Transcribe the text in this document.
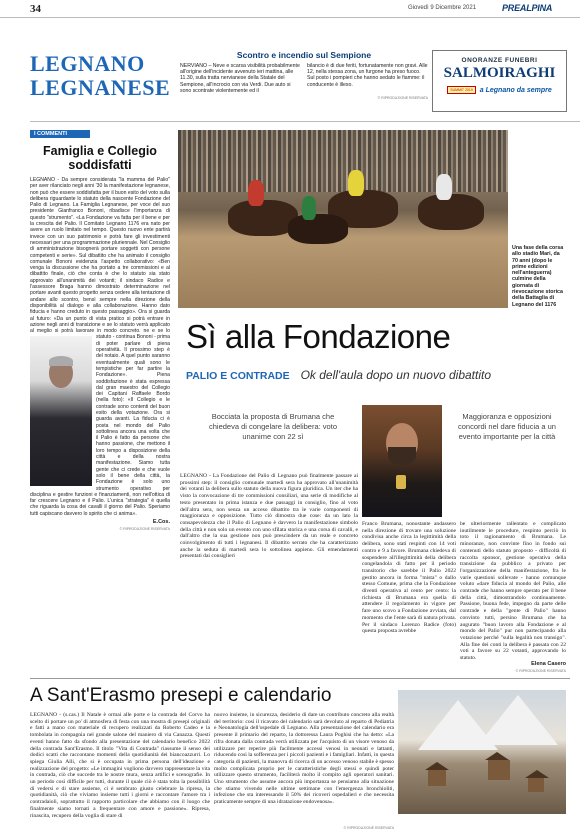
34	Giovedì 9 Dicembre 2021	PREALPINA
LEGNANO
LEGNANESE
Scontro e incendio sul Sempione
NERVIANO – Neve e scarsa visibilità probabilmente all'origine dell'incidente avvenuto ieri mattina, alle 11.30, sulla tratta nervianese della Statale del Sempione, all'incrocio con via Verdi. Due auto si sono scontrate violentemente ed il
bilancio è di due feriti, fortunatamente non gravi. Alle 12, nella stessa zona, un furgone ha preso fuoco. Sul posto i pompieri che hanno sedato le fiamme: il conducente è illeso.
© RIPRODUZIONE RISERVATA
ONORANZE FUNEBRI
SALMOIRAGHI
SUMMIT 2019	a Legnano da sempre
I COMMENTI
Famiglia e Collegio soddisfatti
LEGNANO - Da sempre considerata "la mamma del Palio" per aver rilanciato negli anni '30 la manifestazione legnanese, non può che essere soddisfatta per il buon esito del voto sulla delibera riguardante lo statuto della nascente Fondazione del Palio di Legnano. La Famiglia Legnanese, per voce del suo presidente Gianfranco Bononi, ribadisce l'importanza di questo "strumento". «La Fondazione va fatta per il bene e per la crescita del Palio. Il Comitato Legnano 1176 era nato per avere un ruolo limitato nel tempo. Questo nuovo ente partirà invece con un suo patrimonio e potrà fare gli investimenti necessari per una programmazione pluriennale. Nel Consiglio di amministrazione bisognerà portare soggetti con persone competenti e serie». Sul dibattito che ha animato il consiglio comunale Bononi evidenzia l'aspetto collaborativo: «Ben venga la discussione che ha portato a tre commissioni e al dibattito finale, ciò che conta è che lo statuto sia stato approvato all'unanimità dei votanti; il sindaco Radice e l'assessore Braga hanno dimostrato determinazione nel portare avanti questo progetto senza cedere alla tentazione di andare allo scontro, bensì sempre nella direzione della disponibilità al dialogo e alla collaborazione. Hanno dato fiducia e hanno creduto in questo passaggio». Ora si guarda al futuro: «Da un punto di vista pratico si potrà entrare in azione negli anni di transizione e se lo statuto verrà applicato al meglio si potrà lavorare in modo concreto. ne e se lo statuto - continua Bononi - prima di poter parlare di piena operatività. Il prossimo step è del notaio. A quel punto saranno eventualmente quali sono le tempistiche per far partire la Fondazione». Piena soddisfazione è stata espressa dal gran maestro del Collegio dei Capitani Raffaele Bordo (nella foto): «Il Collegio e le contrade sono contenti del buon esito della votazione. Ora si guarda avanti. La fiducia ci è posta nel mondo del Palio sottolinea ancora una volta che il Palio è fatto da persone che hanno passione, che mettono il loro tempo a disposizione della città e della nostra manifestazione. Siamo tutta gente che ci crede e che vuole solo il bene della città, la Fondazione è solo uno strumento operativo per disciplina e gestire funzioni e finanziamenti, non nell'ottica di far crescere Legnano e il Palio. L'unica "strategia" è quella che riguarda la cosa dei cavalli il giorno del Palio. Speriamo tutti capiscano davvero lo spirito che ci anima».
E.Cos.
© RIPRODUZIONE RISERVATA
Una fase della corsa allo stadio Mari, da 70 anni (dopo le prime edizioni nell'anteguerra) culmine della giornata di rievocazione storica della Battaglia di Legnano del 1176
Sì alla Fondazione
PALIO E CONTRADE Ok dell'aula dopo un nuovo dibattito
Bocciata la proposta di Brumana che chiedeva di congelare la delibera: voto unanime con 22 sì
Maggioranza e opposizioni concordi nel dare fiducia a un evento importante per la città
LEGNANO - La Fondazione del Palio di Legnano può finalmente passare ai prossimi step: il consiglio comunale martedì sera ha approvato all'unanimità dei votanti la delibera sullo statuto della nuova figura giuridica. Un iter che ha visto la convocazione di tre commissioni consiliari, una serie di modifiche al testo presentato in prima istanza e due passaggi in consiglio, fino al voto dell'altra sera, non senza un acceso dibattito tra le varie componenti di maggioranza e opposizione. Tutto ciò dimostra due cose: da un lato la consapevolezza che il Palio di Legnano è davvero la manifestazione simbolo della città e non solo un evento con uno sfilata storica e una corsa di cavalli, e dall'altro che la sua gestione non può prescindere da un reale e concreto coinvolgimento di tutti i legnanesi. Il dibattito serrato che ha caratterizzato anche la seduta di martedì sera lo sottolinea appieno. Gli emendamenti presentati dai consiglieri
Franco Brumana, nonostante andassero nella direzione di trovare una soluzione condivisa anche circa la legittimità della delibera, sono stati respinti con 14 voti contro e 9 a favore. Brumana chiedeva di sospendere all'illegittimità della delibera congelandola di fatto per il periodo transitorio che sarebbe il Palio 2022 gestito ancora in forma "mista" o dallo stesso Comune, prima che la Fondazione diventi operativa al cento per cento: la richiesta di Brumana era quella di attendere il regolamento in vigore per fare uno scovo a Fondazione avviata, dal momento che l'ente sarà di natura privata. Per il sindaco Lorenzo Radice (foto) questa proposta avrebbe
be ulteriormente rallentato e complicato inutilmente le procedure, respinto perciò in toto il ragionamento di Brumana. Le minoranze, non convinte fino in fondo sui contenuti dello statuto proposto - difficoltà di raccolta sponsor, gestione operativa della transizione da pubblico a privato per l'organizzazione della manifestazione, fra le varie questioni sollevate - hanno comunque voluto «dare fiducia al mondo del Palio, alle contrade che hanno sempre operato per il bene della città, dimostrandolo continuamente. Passione, buona fede, impegno da parte delle contrade e della "gente di Palio" hanno convinto tutti, persino Brumana che ha augurato "buon lavoro alla Fondazione e al mondo del Palio" pur non partecipando alla votazione perché "sulla legalità non transigo". Alla fine dei conti la delibera è passata con 22 voti a favore su 22 votanti, approvando lo statuto.
Elena Casero
© RIPRODUZIONE RISERVATA
A Sant'Erasmo presepi e calendario
LEGNANO - (s.cas.) Il Natale è ormai alle porte e la contrada del Corvo ha scelto di portare un po' di atmosfera di festa con una mostra di presepi originali e fatti a mano con materiale di recupero realizzati da Roberto Cadeo e la tombolata in compagnia nel grande salone del maniero di via Canazza. Questi eventi hanno fatto da sfondo alla presentazione del calendario benefico 2022 della contrada Sant'Erasmo. Il titolo "Vita di Contrada" riassume il senso dei dodici scatti che raccontano momenti della quotidianità dei biancoazzurri. Lo spiega Giulia Alli, che si è occupata in prima persona dell'ideazione e realizzazione del progetto: «Le immagini vogliono davvero rappresentare la vita in contrada, ciò che succede tra le nostre mura, senza artifici e scenografie. In un periodo così difficile per tutti, durante il quale ciò è stata tolta la possibilità di vedersi e di stare assieme, ci è sembrato giusto celebrare la ripresa, la quotidianità, ciò che viviamo insieme tutti i giorni e raccontare l'amore tra i contradaioli, soprattutto il rapporto particolare che abbiamo con il luogo che finalmente siamo tornati a frequentare con amore e passione». Ripresa, rinascita, recupero della voglia di stare di
nuovo insieme, in sicurezza, desiderio di dare un contributo concreto alla realtà del territorio: così il ricavato del calendario sarà devoluto al reparto di Pediatria e Neonatologia dell'ospedale di Legnano. Alla presentazione del calendario era presente il primario del reparto, la dottoressa Laura Poghisi che ha detto: «La rifra donata dalla contrada verrà utilizzata per l'acquisto di un visore venoso da utilizzare per reperire più facilmente accessi venosi in neonati e lattanti, riducendo così la sofferenza per i piccoli pazienti e i famigliari. Infatti, in questa categoria di pazienti, la manovra di ricerca di un accesso venoso stabile è spesso molto complicata proprio per le caratteristiche degli stessi e quindi poter utilizzare questo strumento, faciliterà molto il compito agli operatori sanitari. Uno strumento che assume ancora più importanza se pensiamo alla situazione che stiamo vivendo nelle ultime settimane con l'emergenza bronchioliti, infezione che sta interessando il 50% dei ricoveri ospedalieri e che necessita praticamente sempre di una idratazione endovenosa».
© RIPRODUZIONE RISERVATA
